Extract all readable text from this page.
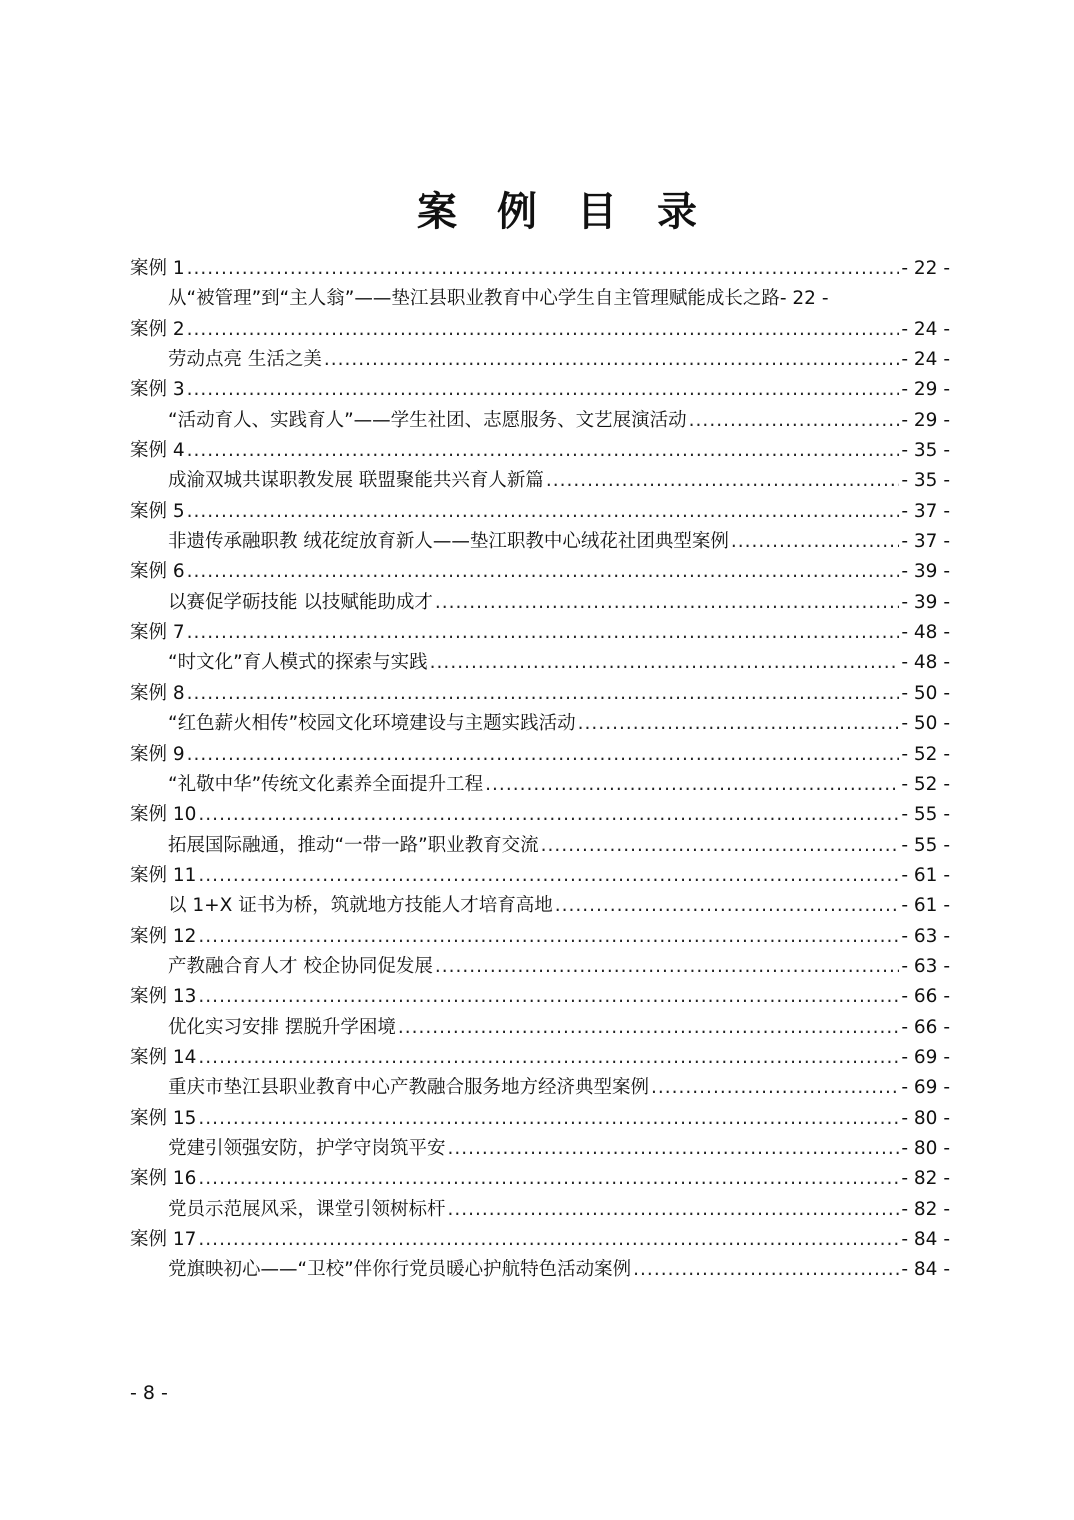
案例目录
案例 1 .....	- 22 -
从“被管理”到“主人翁”——垫江县职业教育中心学生自主管理赋能成长之路 - 22 -
案例 2 .....	- 24 -
劳动点亮 生活之美 .....	- 24 -
案例 3 .....	- 29 -
“活动育人、实践育人”——学生社团、志愿服务、文艺展演活动 .....	- 29 -
案例 4 .....	- 35 -
成渝双城共谋职教发展 联盟聚能共兴育人新篇 .....	- 35 -
案例 5 .....	- 37 -
非遗传承融职教 绒花绽放育新人——垫江职教中心绒花社团典型案例 .....	- 37 -
案例 6 .....	- 39 -
以赛促学砺技能 以技赋能助成才 .....	- 39 -
案例 7 .....	- 48 -
“时文化”育人模式的探索与实践 .....	- 48 -
案例 8 .....	- 50 -
“红色薪火相传”校园文化环境建设与主题实践活动 .....	- 50 -
案例 9 .....	- 52 -
“礼敬中华”传统文化素养全面提升工程 .....	- 52 -
案例 10 .....	- 55 -
拓展国际融通，推动“一带一路”职业教育交流 .....	- 55 -
案例 11 .....	- 61 -
以 1+X 证书为桥，筑就地方技能人才培育高地 .....	- 61 -
案例 12 .....	- 63 -
产教融合育人才 校企协同促发展 .....	- 63 -
案例 13 .....	- 66 -
优化实习安排 摆脱升学困境 .....	- 66 -
案例 14 .....	- 69 -
重庆市垫江县职业教育中心产教融合服务地方经济典型案例 .....	- 69 -
案例 15 .....	- 80 -
党建引领强安防，护学守岗筑平安 .....	- 80 -
案例 16 .....	- 82 -
党员示范展风采，课堂引领树标杆 .....	- 82 -
案例 17 .....	- 84 -
党旗映初心——“卫校”伴你行党员暖心护航特色活动案例 .....	- 84 -
- 8 -
